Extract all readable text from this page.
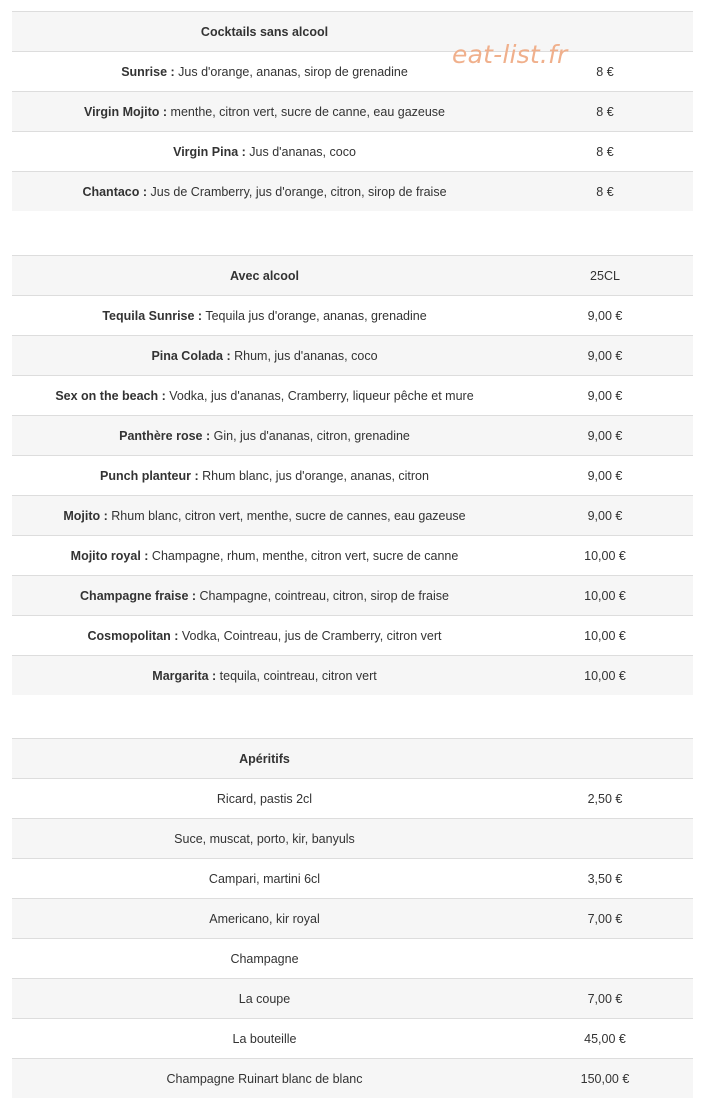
eat-list.fr
Cocktails sans alcool	
Sunrise : Jus d'orange, ananas, sirop de grenadine	8 €
Virgin Mojito : menthe, citron vert, sucre de canne, eau gazeuse	8 €
Virgin Pina : Jus d'ananas, coco	8 €
Chantaco : Jus de Cramberry, jus d'orange, citron, sirop de fraise	8 €
Avec alcool	25CL
Tequila Sunrise : Tequila jus d'orange, ananas, grenadine	9,00 €
Pina Colada : Rhum, jus d'ananas, coco	9,00 €
Sex on the beach : Vodka, jus d'ananas, Cramberry, liqueur pêche et mure	9,00 €
Panthère rose : Gin, jus d'ananas, citron, grenadine	9,00 €
Punch planteur : Rhum blanc, jus d'orange, ananas, citron	9,00 €
Mojito : Rhum blanc, citron vert, menthe, sucre de cannes, eau gazeuse	9,00 €
Mojito royal : Champagne, rhum, menthe, citron vert, sucre de canne	10,00 €
Champagne fraise : Champagne, cointreau, citron, sirop de fraise	10,00 €
Cosmopolitan : Vodka, Cointreau, jus de Cramberry, citron vert	10,00 €
Margarita : tequila, cointreau, citron vert	10,00 €
Apéritifs	
Ricard, pastis 2cl	2,50 €
Suce, muscat, porto, kir, banyuls	
Campari, martini 6cl	3,50 €
Americano, kir royal	7,00 €
Champagne	
La coupe	7,00 €
La bouteille	45,00 €
Champagne Ruinart blanc de blanc	150,00 €
